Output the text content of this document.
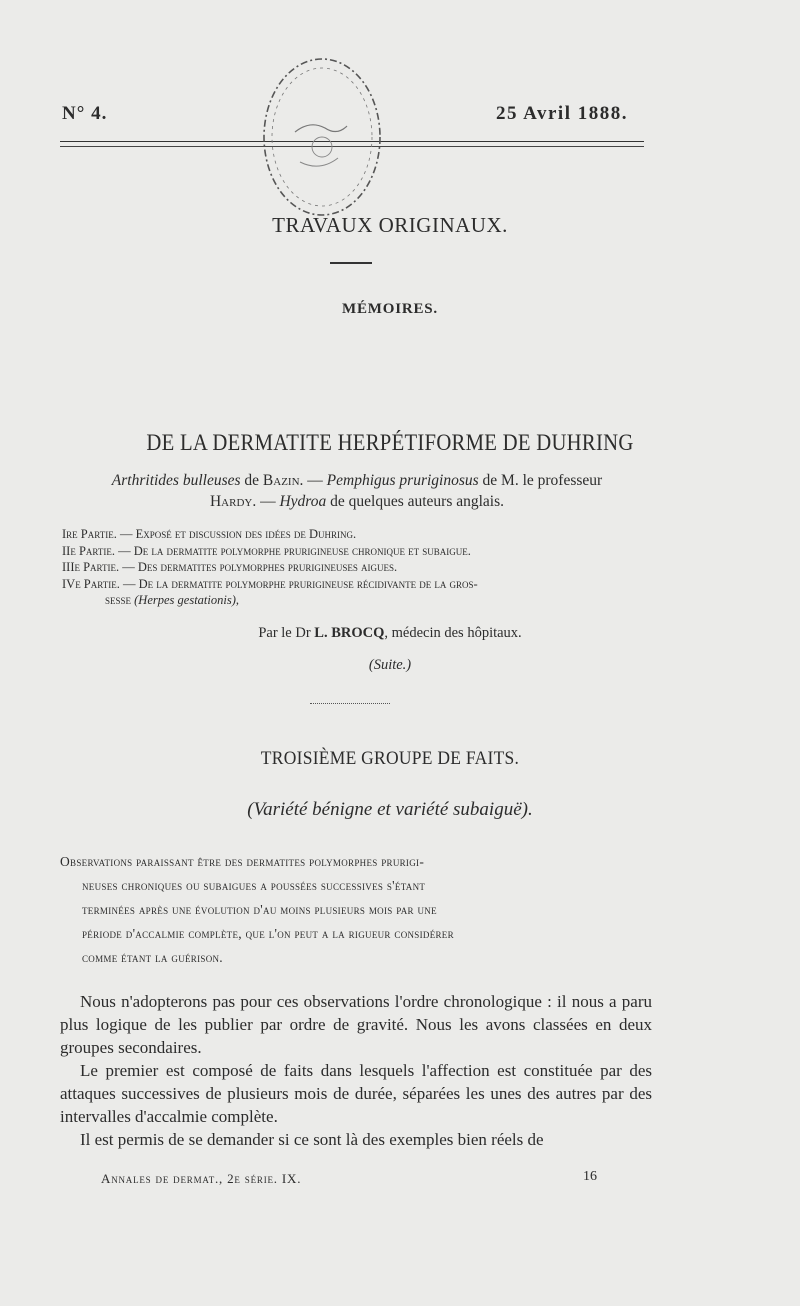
N° 4.	25 Avril 1888.
TRAVAUX ORIGINAUX.
MÉMOIRES.
DE LA DERMATITE HERPÉTIFORME DE DUHRING
Arthritides bulleuses de Bazin. — Pemphigus pruriginosus de M. le professeur
Hardy. — Hydroa de quelques auteurs anglais.
Ire Partie. — Exposé et discussion des idées de Duhring.
IIe Partie. — De la dermatite polymorphe prurigineuse chronique et subaigue.
IIIe Partie. — Des dermatites polymorphes prurigineuses aigues.
IVe Partie. — De la dermatite polymorphe prurigineuse récidivante de la gros-
sesse (Herpes gestationis),
Par le Dr L. BROCQ, médecin des hôpitaux.
(Suite.)
TROISIÈME GROUPE DE FAITS.
(Variété bénigne et variété subaiguë).
Observations paraissant être des dermatites polymorphes prurigi-
neuses chroniques ou subaigues a poussées successives s'étant
terminées après une évolution d'au moins plusieurs mois par une
période d'accalmie complète, que l'on peut a la rigueur considérer
comme étant la guérison.

Nous n'adopterons pas pour ces observations l'ordre chronologique : il nous a paru plus logique de les publier par ordre de gravité. Nous les avons classées en deux groupes secondaires.

Le premier est composé de faits dans lesquels l'affection est constituée par des attaques successives de plusieurs mois de durée, séparées les unes des autres par des intervalles d'accalmie complète.

Il est permis de se demander si ce sont là des exemples bien réels de

Annales de dermat., 2e série. IX.	16
